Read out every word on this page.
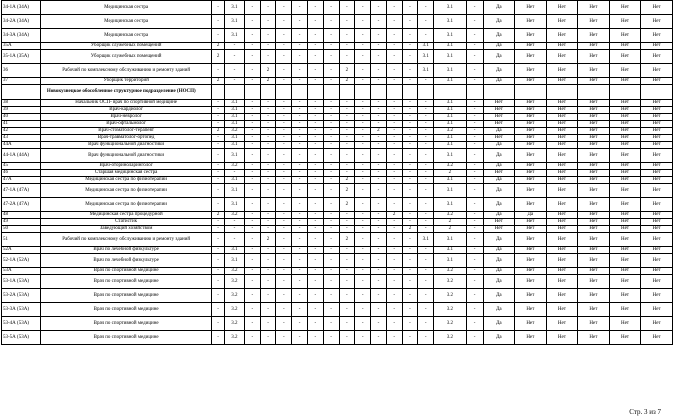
34-1А (34А)	Медицинская сестра	-	3.1	-	-	-	-	-	-	-	-	-	-	-	-	3.1	-	Да	Нет	Нет	Нет	Нет	Нет
34-2А (34А)	Медицинская сестра	-	3.1	-	-	-	-	-	-	-	-	-	-	-	-	3.1	-	Да	Нет	Нет	Нет	Нет	Нет
34-3А (34А)	Медицинская сестра	-	3.1	-	-	-	-	-	-	-	-	-	-	-	-	3.1	-	Да	Нет	Нет	Нет	Нет	Нет
35А	Уборщик служебных помещений	2	-	-	-	-	-	-	-	-	-	-	-	-	3.1	3.1	-	Да	Нет	Нет	Нет	Нет	Нет
35-1А (35А)	Уборщик служебных помещений	2	-	-	-	-	-	-	-	-	-	-	-	-	3.1	3.1	-	Да	Нет	Нет	Нет	Нет	Нет
36	Рабочий по комплексному обслуживанию и ремонту зданий	-	-	-	2	-	-	-	-	2	-	-	-	-	3.1	3.1	-	Да	Нет	Нет	Нет	Нет	Нет
37	Уборщик территорий	2	-	-	2	-	-	-	-	2	-	-	-	-	-	3.1	-	Да	Нет	Нет	Нет	Нет	Нет
	Новокузнецкое обособленное структурное подразделение (НОСП)																						
38	Начальник ОСП- врач по спортивной медицине	-	3.1	-	-	-	-	-	-	-	-	-	-	-	-	3.1	-	Нет	Нет	Нет	Нет	Нет	Нет
39	Врач-кардиолог	-	3.1	-	-	-	-	-	-	-	-	-	-	-	-	3.1	-	Нет	Нет	Нет	Нет	Нет	Нет
40	Врач-невролог	-	3.1	-	-	-	-	-	-	-	-	-	-	-	-	3.1	-	Нет	Нет	Нет	Нет	Нет	Нет
41	Врач-офтальмолог	-	3.1	-	-	-	-	-	-	-	-	-	-	-	-	3.1	-	Нет	Нет	Нет	Нет	Нет	Нет
42	Врач-стоматолог-терапевт	2	3.2	-	-	-	-	-	-	-	-	2	-	-	-	3.2	-	Да	Нет	Нет	Нет	Нет	Нет
43	Врач-травматолог-ортопед	-	3.1	-	-	-	-	-	-	-	-	-	-	-	-	3.1	-	Нет	Нет	Нет	Нет	Нет	Нет
44А	Врач функциональной диагностики	-	3.1	-	-	-	-	-	-	-	-	-	-	-	-	3.1	-	Да	Нет	Нет	Нет	Нет	Нет
44-1А (44А)	Врач функциональной диагностики	-	3.1	-	-	-	-	-	-	-	-	-	-	-	-	3.1	-	Да	Нет	Нет	Нет	Нет	Нет
45	Врач-оториноларинголог	-	3.2	-	-	-	-	-	-	-	-	-	-	-	-	3.2	-	Да	Нет	Нет	Нет	Нет	Нет
46	Старшая медицинская сестра	-	-	-	-	-	-	-	-	-	-	-	-	-	-	2	-	Нет	Нет	Нет	Нет	Нет	Нет
47А	Медицинская сестра по физиотерапии	-	3.1	-	-	-	-	-	-	2	-	-	-	-	-	3.1	-	Да	Нет	Нет	Нет	Нет	Нет
47-1А (47А)	Медицинская сестра по физиотерапии	-	3.1	-	-	-	-	-	-	2	-	-	-	-	-	3.1	-	Да	Нет	Нет	Нет	Нет	Нет
47-2А (47А)	Медицинская сестра по физиотерапии	-	3.1	-	-	-	-	-	-	2	-	-	-	-	-	3.1	-	Да	Нет	Нет	Нет	Нет	Нет
48	Медицинская сестра процедурной	2	3.2	-	-	-	-	-	-	-	-	-	2	-	-	3.2	-	Да	Да	Нет	Нет	Нет	Нет
49	Статистик	-	-	-	-	-	-	-	-	-	-	-	-	-	-	2	-	Нет	Нет	Нет	Нет	Нет	Нет
50	Заведующий хозяйством	-	-	-	-	-	-	-	-	-	-	-	-	2	-	2	-	Нет	Нет	Нет	Нет	Нет	Нет
51	Рабочий по комплексному обслуживанию и ремонту зданий	-	-	-	2	-	-	-	-	2	-	-	-	-	3.1	3.1	-	Да	Нет	Нет	Нет	Нет	Нет
52А	Врач по лечебной физкультуре	-	3.1	-	-	-	-	-	-	-	-	-	-	-	-	3.1	-	Да	Нет	Нет	Нет	Нет	Нет
52-1А (52А)	Врач по лечебной физкультуре	-	3.1	-	-	-	-	-	-	-	-	-	-	-	-	3.1	-	Да	Нет	Нет	Нет	Нет	Нет
53А	Врач по спортивной медицине	-	3.2	-	-	-	-	-	-	-	-	-	-	-	-	3.2	-	Да	Нет	Нет	Нет	Нет	Нет
53-1А (53А)	Врач по спортивной медицине	-	3.2	-	-	-	-	-	-	-	-	-	-	-	-	3.2	-	Да	Нет	Нет	Нет	Нет	Нет
53-2А (53А)	Врач по спортивной медицине	-	3.2	-	-	-	-	-	-	-	-	-	-	-	-	3.2	-	Да	Нет	Нет	Нет	Нет	Нет
53-3А (53А)	Врач по спортивной медицине	-	3.2	-	-	-	-	-	-	-	-	-	-	-	-	3.2	-	Да	Нет	Нет	Нет	Нет	Нет
53-4А (53А)	Врач по спортивной медицине	-	3.2	-	-	-	-	-	-	-	-	-	-	-	-	3.2	-	Да	Нет	Нет	Нет	Нет	Нет
53-5А (53А)	Врач по спортивной медицине	-	3.2	-	-	-	-	-	-	-	-	-	-	-	-	3.2	-	Да	Нет	Нет	Нет	Нет	Нет
Стр. 3 из 7
